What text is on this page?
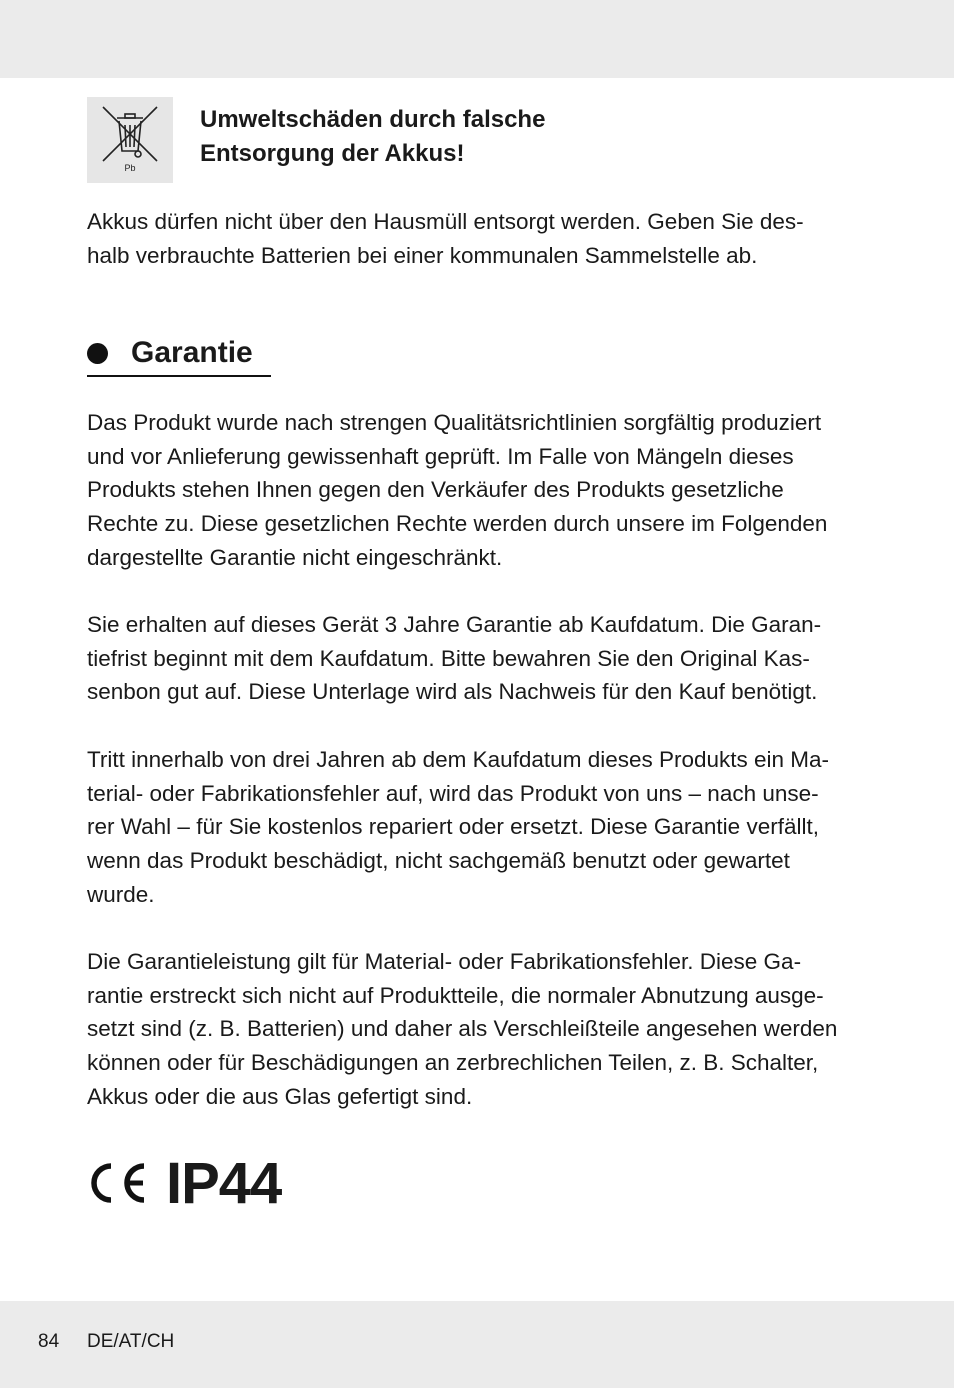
Pb
Umweltschäden durch falsche
Entsorgung der Akkus!
Akkus dürfen nicht über den Hausmüll entsorgt werden. Geben Sie des-
halb verbrauchte Batterien bei einer kommunalen Sammelstelle ab.
Garantie
Das Produkt wurde nach strengen Qualitätsrichtlinien sorgfältig produziert
und vor Anlieferung gewissenhaft geprüft. Im Falle von Mängeln dieses
Produkts stehen Ihnen gegen den Verkäufer des Produkts gesetzliche
Rechte zu. Diese gesetzlichen Rechte werden durch unsere im Folgenden
dargestellte Garantie nicht eingeschränkt.
Sie erhalten auf dieses Gerät 3 Jahre Garantie ab Kaufdatum. Die Garan-
tiefrist beginnt mit dem Kaufdatum. Bitte bewahren Sie den Original Kas-
senbon gut auf. Diese Unterlage wird als Nachweis für den Kauf benötigt.
Tritt innerhalb von drei Jahren ab dem Kaufdatum dieses Produkts ein Ma-
terial- oder Fabrikationsfehler auf, wird das Produkt von uns – nach unse-
rer Wahl – für Sie kostenlos repariert oder ersetzt. Diese Garantie verfällt,
wenn das Produkt beschädigt, nicht sachgemäß benutzt oder gewartet
wurde.
Die Garantieleistung gilt für Material- oder Fabrikationsfehler. Diese Ga-
rantie erstreckt sich nicht auf Produktteile, die normaler Abnutzung ausge-
setzt sind (z. B. Batterien) und daher als Verschleißteile angesehen werden
können oder für Beschädigungen an zerbrechlichen Teilen, z. B. Schalter,
Akkus oder die aus Glas gefertigt sind.
IP44
84 DE/AT/CH
